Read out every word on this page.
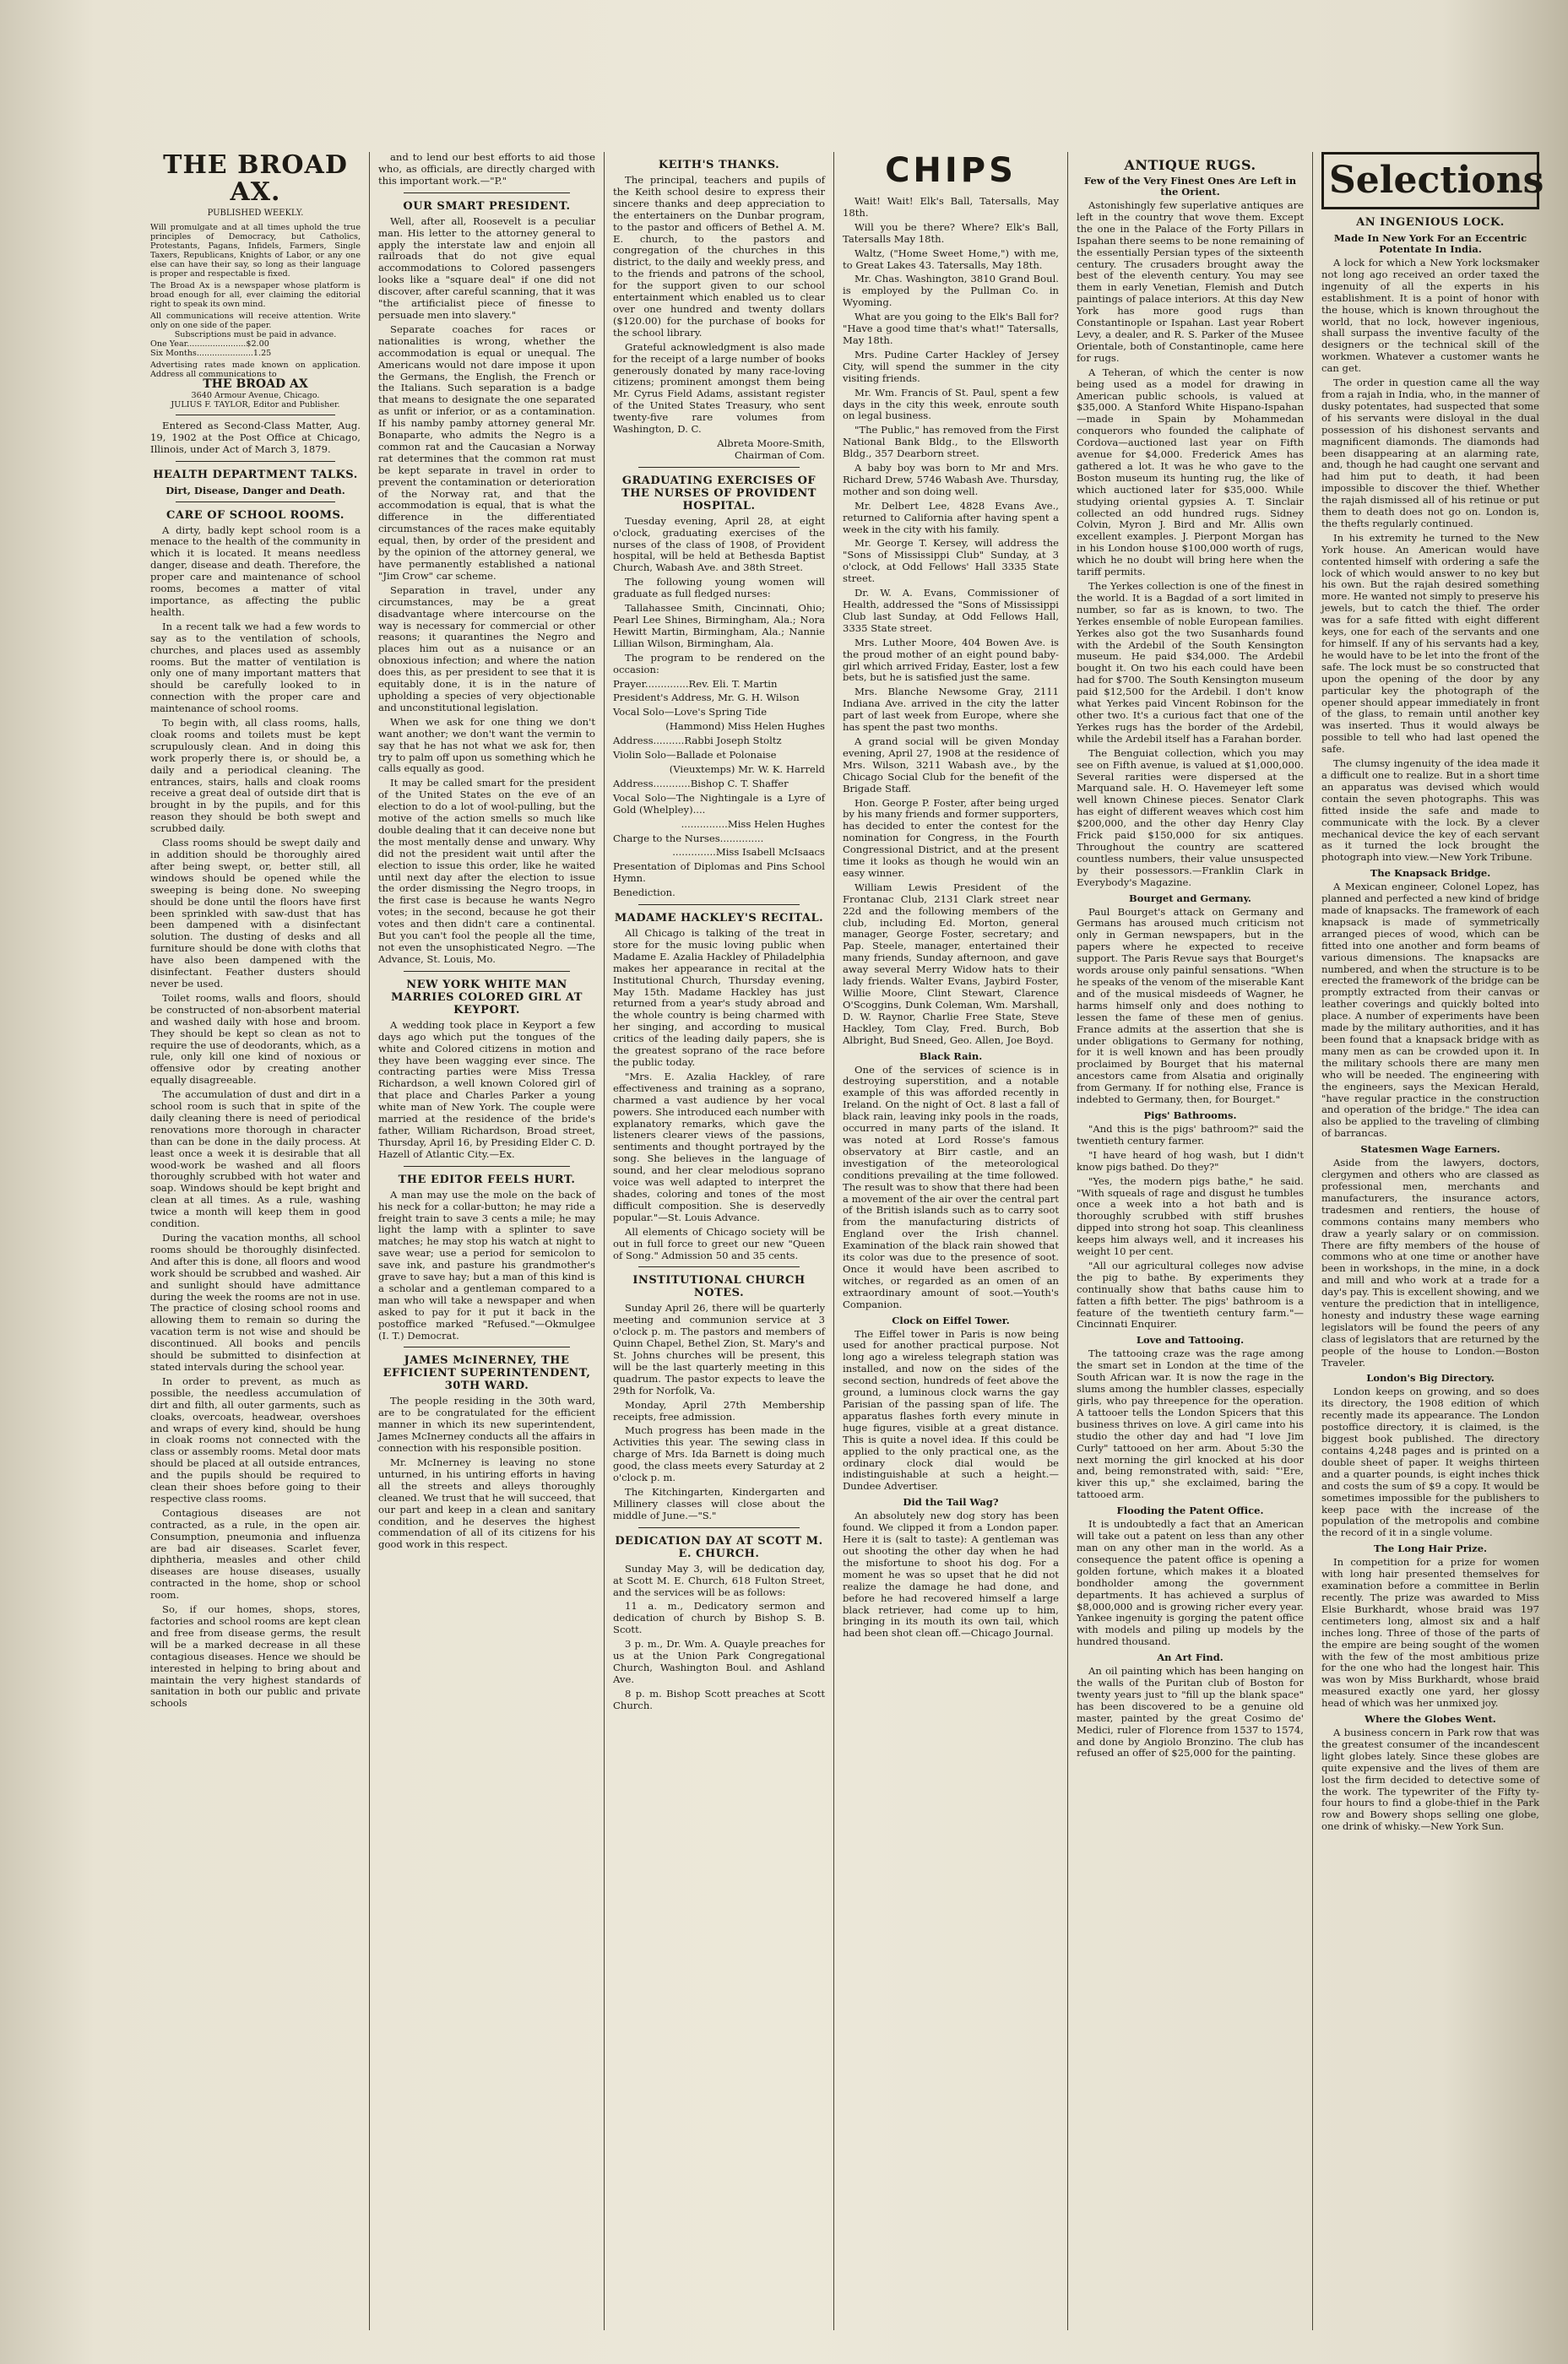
THE BROAD AX.
PUBLISHED WEEKLY.
Will promulgate and at all times uphold the true principles of Democracy, but Catholics, Protestants, Pagans, Infidels, Farmers, Single Taxers, Republicans, Knights of Labor, or any one else can have their say, so long as their language is proper and respectable is fixed.
The Broad Ax is a newspaper whose platform is broad enough for all, ever claiming the editorial right to speak its own mind.
All communications will receive attention. Write only on one side of the paper.
Subscriptions must be paid in advance.
One Year.......................$2.00
Six Months......................1.25
Advertising rates made known on application. Address all communications to
THE BROAD AX
3640 Armour Avenue, Chicago.
JULIUS F. TAYLOR, Editor and Publisher.

Entered as Second-Class Matter, Aug. 19, 1902 at the Post Office at Chicago, Illinois, under Act of March 3, 1879.

HEALTH DEPARTMENT TALKS.
Dirt, Disease, Danger and Death.
CARE OF SCHOOL ROOMS.

A dirty, badly kept school room is a menace to the health of the community in which it is located. It means needless danger, disease and death. Therefore, the proper care and maintenance of school rooms, becomes a matter of vital importance, as affecting the public health.

In a recent talk we had a few words to say as to the ventilation of schools, churches, and places used as assembly rooms. But the matter of ventilation is only one of many important matters that should be carefully looked to in connection with the proper care and maintenance of school rooms.

To begin with, all class rooms, halls, cloak rooms and toilets must be kept scrupulously clean. And in doing this work properly there is, or should be, a daily and a periodical cleaning. The entrances, stairs, halls and cloak rooms receive a great deal of outside dirt that is brought in by the pupils, and for this reason they should be both swept and scrubbed daily.

Class rooms should be swept daily and in addition should be thoroughly aired after being swept, or, better still, all windows should be opened while the sweeping is being done. No sweeping should be done until the floors have first been sprinkled with saw-dust that has been dampened with a disinfectant solution. The dusting of desks and all furniture should be done with cloths that have also been dampened with the disinfectant. Feather dusters should never be used.

Toilet rooms, walls and floors, should be constructed of non-absorbent material and washed daily with hose and broom. They should be kept so clean as not to require the use of deodorants, which, as a rule, only kill one kind of noxious or offensive odor by creating another equally disagreeable.

The accumulation of dust and dirt in a school room is such that in spite of the daily cleaning there is need of periodical renovations more thorough in character than can be done in the daily process. At least once a week it is desirable that all wood-work be washed and all floors thoroughly scrubbed with hot water and soap. Windows should be kept bright and clean at all times. As a rule, washing twice a month will keep them in good condition.

During the vacation months, all school rooms should be thoroughly disinfected. And after this is done, all floors and wood work should be scrubbed and washed. Air and sunlight should have admittance during the week the rooms are not in use. The practice of closing school rooms and allowing them to remain so during the vacation term is not wise and should be discontinued. All books and pencils should be submitted to disinfection at stated intervals during the school year.

In order to prevent, as much as possible, the needless accumulation of dirt and filth, all outer garments, such as cloaks, overcoats, headwear, overshoes and wraps of every kind, should be hung in cloak rooms not connected with the class or assembly rooms. Metal door mats should be placed at all outside entrances, and the pupils should be required to clean their shoes before going to their respective class rooms.

Contagious diseases are not contracted, as a rule, in the open air. Consumption, pneumonia and influenza are bad air diseases. Scarlet fever, diphtheria, measles and other child diseases are house diseases, usually contracted in the home, shop or school room.

So, if our homes, shops, stores, factories and school rooms are kept clean and free from disease germs, the result will be a marked decrease in all these contagious diseases. Hence we should be interested in helping to bring about and maintain the very highest standards of sanitation in both our public and private schools

and to lend our best efforts to aid those who, as officials, are directly charged with this important work.—"P."

OUR SMART PRESIDENT.

Well, after all, Roosevelt is a peculiar man. His letter to the attorney general to apply the interstate law and enjoin all railroads that do not give equal accommodations to Colored passengers looks like a "square deal" if one did not discover, after careful scanning, that it was "the artificialist piece of finesse to persuade men into slavery."

Separate coaches for races or nationalities is wrong, whether the accommodation is equal or unequal. The Americans would not dare impose it upon the Germans, the English, the French or the Italians. Such separation is a badge that means to designate the one separated as unfit or inferior, or as a contamination. If his namby pamby attorney general Mr. Bonaparte, who admits the Negro is a common rat and the Caucasian a Norway rat determines that the common rat must be kept separate in travel in order to prevent the contamination or deterioration of the Norway rat, and that the accommodation is equal, that is what the difference in the differentiated circumstances of the races make equitably equal, then, by order of the president and by the opinion of the attorney general, we have permanently established a national "Jim Crow" car scheme.

Separation in travel, under any circumstances, may be a great disadvantage where intercourse on the way is necessary for commercial or other reasons; it quarantines the Negro and places him out as a nuisance or an obnoxious infection; and where the nation does this, as per president to see that it is equitably done, it is in the nature of upholding a species of very objectionable and unconstitutional legislation.

When we ask for one thing we don't want another; we don't want the vermin to say that he has not what we ask for, then try to palm off upon us something which he calls equally as good.

It may be called smart for the president of the United States on the eve of an election to do a lot of wool-pulling, but the motive of the action smells so much like double dealing that it can deceive none but the most mentally dense and unwary. Why did not the president wait until after the election to issue this order, like he waited until next day after the election to issue the order dismissing the Negro troops, in the first case is because he wants Negro votes; in the second, because he got their votes and then didn't care a continental. But you can't fool the people all the time, not even the unsophisticated Negro. —The Advance, St. Louis, Mo.

NEW YORK WHITE MAN MARRIES COLORED GIRL AT KEYPORT.

A wedding took place in Keyport a few days ago which put the tongues of the white and Colored citizens in motion and they have been wagging ever since. The contracting parties were Miss Tressa Richardson, a well known Colored girl of that place and Charles Parker a young white man of New York. The couple were married at the residence of the bride's father, William Richardson, Broad street, Thursday, April 16, by Presiding Elder C. D. Hazell of Atlantic City.—Ex.

THE EDITOR FEELS HURT.

A man may use the mole on the back of his neck for a collar-button; he may ride a freight train to save 3 cents a mile; he may light the lamp with a splinter to save matches; he may stop his watch at night to save wear; use a period for semicolon to save ink, and pasture his grandmother's grave to save hay; but a man of this kind is a scholar and a gentleman compared to a man who will take a newspaper and when asked to pay for it put it back in the postoffice marked "Refused."—Okmulgee (I. T.) Democrat.

JAMES McINERNEY, THE EFFICIENT SUPERINTENDENT, 30TH WARD.

The people residing in the 30th ward, are to be congratulated for the efficient manner in which its new superintendent, James McInerney conducts all the affairs in connection with his responsible position.

Mr. McInerney is leaving no stone unturned, in his untiring efforts in having all the streets and alleys thoroughly cleaned. We trust that he will succeed, that our part and keep in a clean and sanitary condition, and he deserves the highest commendation of all of its citizens for his good work in this respect.

KEITH'S THANKS.

The principal, teachers and pupils of the Keith school desire to express their sincere thanks and deep appreciation to the entertainers on the Dunbar program, to the pastor and officers of Bethel A. M. E. church, to the pastors and congregation of the churches in this district, to the daily and weekly press, and to the friends and patrons of the school, for the support given to our school entertainment which enabled us to clear over one hundred and twenty dollars ($120.00) for the purchase of books for the school library.

Grateful acknowledgment is also made for the receipt of a large number of books generously donated by many race-loving citizens; prominent amongst them being Mr. Cyrus Field Adams, assistant register of the United States Treasury, who sent twenty-five rare volumes from Washington, D. C.

Albreta Moore-Smith,
Chairman of Com.
GRADUATING EXERCISES OF THE NURSES OF PROVIDENT HOSPITAL.

Tuesday evening, April 28, at eight o'clock, graduating exercises of the nurses of the class of 1908, of Provident hospital, will be held at Bethesda Baptist Church, Wabash Ave. and 38th Street.

The following young women will graduate as full fledged nurses:

Tallahassee Smith, Cincinnati, Ohio; Pearl Lee Shines, Birmingham, Ala.; Nora Hewitt Martin, Birmingham, Ala.; Nannie Lillian Wilson, Birmingham, Ala.

The program to be rendered on the occasion:

Prayer..............Rev. Eli. T. Martin

President's Address, Mr. G. H. Wilson

Vocal Solo—Love's Spring Tide

(Hammond) Miss Helen Hughes

Address..........Rabbi Joseph Stoltz

Violin Solo—Ballade et Polonaise

(Vieuxtemps) Mr. W. K. Harreld

Address............Bishop C. T. Shaffer

Vocal Solo—The Nightingale is a Lyre of Gold (Whelpley)....

...............Miss Helen Hughes

Charge to the Nurses..............

..............Miss Isabell McIsaacs

Presentation of Diplomas and Pins School Hymn.

Benediction.

MADAME HACKLEY'S RECITAL.

All Chicago is talking of the treat in store for the music loving public when Madame E. Azalia Hackley of Philadelphia makes her appearance in recital at the Institutional Church, Thursday evening, May 15th. Madame Hackley has just returned from a year's study abroad and the whole country is being charmed with her singing, and according to musical critics of the leading daily papers, she is the greatest soprano of the race before the public today.

"Mrs. E. Azalia Hackley, of rare effectiveness and training as a soprano, charmed a vast audience by her vocal powers. She introduced each number with explanatory remarks, which gave the listeners clearer views of the passions, sentiments and thought portrayed by the song. She believes in the language of sound, and her clear melodious soprano voice was well adapted to interpret the shades, coloring and tones of the most difficult composition. She is deservedly popular."—St. Louis Advance.

All elements of Chicago society will be out in full force to greet our new "Queen of Song." Admission 50 and 35 cents.

INSTITUTIONAL CHURCH NOTES.

Sunday April 26, there will be quarterly meeting and communion service at 3 o'clock p. m. The pastors and members of Quinn Chapel, Bethel Zion, St. Mary's and St. Johns churches will be present, this will be the last quarterly meeting in this quadrum. The pastor expects to leave the 29th for Norfolk, Va.

Monday, April 27th Membership receipts, free admission.

Much progress has been made in the Activities this year. The sewing class in charge of Mrs. Ida Barnett is doing much good, the class meets every Saturday at 2 o'clock p. m.

The Kitchingarten, Kindergarten and Millinery classes will close about the middle of June.—"S."

DEDICATION DAY AT SCOTT M. E. CHURCH.

Sunday May 3, will be dedication day, at Scott M. E. Church, 618 Fulton Street, and the services will be as follows:

11 a. m., Dedicatory sermon and dedication of church by Bishop S. B. Scott.

3 p. m., Dr. Wm. A. Quayle preaches for us at the Union Park Congregational Church, Washington Boul. and Ashland Ave.

8 p. m. Bishop Scott preaches at Scott Church.

CHIPS

Wait! Wait! Elk's Ball, Tatersalls, May 18th.

Will you be there? Where? Elk's Ball, Tatersalls May 18th.

Waltz, ("Home Sweet Home,") with me, to Great Lakes 43. Tatersalls, May 18th.

Mr. Chas. Washington, 3810 Grand Boul. is employed by the Pullman Co. in Wyoming.

What are you going to the Elk's Ball for? "Have a good time that's what!" Tatersalls, May 18th.

Mrs. Pudine Carter Hackley of Jersey City, will spend the summer in the city visiting friends.

Mr. Wm. Francis of St. Paul, spent a few days in the city this week, enroute south on legal business.

"The Public," has removed from the First National Bank Bldg., to the Ellsworth Bldg., 357 Dearborn street.

A baby boy was born to Mr and Mrs. Richard Drew, 5746 Wabash Ave. Thursday, mother and son doing well.

Mr. Delbert Lee, 4828 Evans Ave., returned to California after having spent a week in the city with his family.

Mr. George T. Kersey, will address the "Sons of Mississippi Club" Sunday, at 3 o'clock, at Odd Fellows' Hall 3335 State street.

Dr. W. A. Evans, Commissioner of Health, addressed the "Sons of Mississippi Club last Sunday, at Odd Fellows Hall, 3335 State street.

Mrs. Luther Moore, 404 Bowen Ave. is the proud mother of an eight pound baby-girl which arrived Friday, Easter, lost a few bets, but he is satisfied just the same.

Mrs. Blanche Newsome Gray, 2111 Indiana Ave. arrived in the city the latter part of last week from Europe, where she has spent the past two months.

A grand social will be given Monday evening, April 27, 1908 at the residence of Mrs. Wilson, 3211 Wabash ave., by the Chicago Social Club for the benefit of the Brigade Staff.

Hon. George P. Foster, after being urged by his many friends and former supporters, has decided to enter the contest for the nomination for Congress, in the Fourth Congressional District, and at the present time it looks as though he would win an easy winner.

William Lewis President of the Frontanac Club, 2131 Clark street near 22d and the following members of the club, including Ed. Morton, general manager, George Foster, secretary; and Pap. Steele, manager, entertained their many friends, Sunday afternoon, and gave away several Merry Widow hats to their lady friends. Walter Evans, Jaybird Foster, Willie Moore, Clint Stewart, Clarence O'Scoggins, Dunk Coleman, Wm. Marshall, D. W. Raynor, Charlie Free State, Steve Hackley, Tom Clay, Fred. Burch, Bob Albright, Bud Sneed, Geo. Allen, Joe Boyd.

Black Rain.

One of the services of science is in destroying superstition, and a notable example of this was afforded recently in Ireland. On the night of Oct. 8 last a fall of black rain, leaving inky pools in the roads, occurred in many parts of the island. It was noted at Lord Rosse's famous observatory at Birr castle, and an investigation of the meteorological conditions prevailing at the time followed. The result was to show that there had been a movement of the air over the central part of the British islands such as to carry soot from the manufacturing districts of England over the Irish channel. Examination of the black rain showed that its color was due to the presence of soot. Once it would have been ascribed to witches, or regarded as an omen of an extraordinary amount of soot.—Youth's Companion.

Clock on Eiffel Tower.

The Eiffel tower in Paris is now being used for another practical purpose. Not long ago a wireless telegraph station was installed, and now on the sides of the second section, hundreds of feet above the ground, a luminous clock warns the gay Parisian of the passing span of life. The apparatus flashes forth every minute in huge figures, visible at a great distance. This is quite a novel idea. If this could be applied to the only practical one, as the ordinary clock dial would be indistinguishable at such a height.—Dundee Advertiser.

Did the Tail Wag?

An absolutely new dog story has been found. We clipped it from a London paper. Here it is (salt to taste): A gentleman was out shooting the other day when he had the misfortune to shoot his dog. For a moment he was so upset that he did not realize the damage he had done, and before he had recovered himself a large black retriever, had come up to him, bringing in its mouth its own tail, which had been shot clean off.—Chicago Journal.

ANTIQUE RUGS.
Few of the Very Finest Ones Are Left in the Orient.

Astonishingly few superlative antiques are left in the country that wove them. Except the one in the Palace of the Forty Pillars in Ispahan there seems to be none remaining of the essentially Persian types of the sixteenth century. The crusaders brought away the best of the eleventh century. You may see them in early Venetian, Flemish and Dutch paintings of palace interiors. At this day New York has more good rugs than Constantinople or Ispahan. Last year Robert Levy, a dealer, and R. S. Parker of the Musee Orientale, both of Constantinople, came here for rugs.

A Teheran, of which the center is now being used as a model for drawing in American public schools, is valued at $35,000. A Stanford White Hispano-Ispahan—made in Spain by Mohammedan conquerors who founded the caliphate of Cordova—auctioned last year on Fifth avenue for $4,000. Frederick Ames has gathered a lot. It was he who gave to the Boston museum its hunting rug, the like of which auctioned later for $35,000. While studying oriental gypsies A. T. Sinclair collected an odd hundred rugs. Sidney Colvin, Myron J. Bird and Mr. Allis own excellent examples. J. Pierpont Morgan has in his London house $100,000 worth of rugs, which he no doubt will bring here when the tariff permits.

The Yerkes collection is one of the finest in the world. It is a Bagdad of a sort limited in number, so far as is known, to two. The Yerkes ensemble of noble European families. Yerkes also got the two Susanhards found with the Ardebil of the South Kensington museum. He paid $34,000. The Ardebil bought it. On two his each could have been had for $700. The South Kensington museum paid $12,500 for the Ardebil. I don't know what Yerkes paid Vincent Robinson for the other two. It's a curious fact that one of the Yerkes rugs has the border of the Ardebil, while the Ardebil itself has a Farahan border.

The Benguiat collection, which you may see on Fifth avenue, is valued at $1,000,000. Several rarities were dispersed at the Marquand sale. H. O. Havemeyer left some well known Chinese pieces. Senator Clark has eight of different weaves which cost him $200,000, and the other day Henry Clay Frick paid $150,000 for six antiques. Throughout the country are scattered countless numbers, their value unsuspected by their possessors.—Franklin Clark in Everybody's Magazine.

Bourget and Germany.

Paul Bourget's attack on Germany and Germans has aroused much criticism not only in German newspapers, but in the papers where he expected to receive support. The Paris Revue says that Bourget's words arouse only painful sensations. "When he speaks of the venom of the miserable Kant and of the musical misdeeds of Wagner, he harms himself only and does nothing to lessen the fame of these men of genius. France admits at the assertion that she is under obligations to Germany for nothing, for it is well known and has been proudly proclaimed by Bourget that his maternal ancestors came from Alsatia and originally from Germany. If for nothing else, France is indebted to Germany, then, for Bourget."

Pigs' Bathrooms.

"And this is the pigs' bathroom?" said the twentieth century farmer.

"I have heard of hog wash, but I didn't know pigs bathed. Do they?"

"Yes, the modern pigs bathe," he said. "With squeals of rage and disgust he tumbles once a week into a hot bath and is thoroughly scrubbed with stiff brushes dipped into strong hot soap. This cleanliness keeps him always well, and it increases his weight 10 per cent.

"All our agricultural colleges now advise the pig to bathe. By experiments they continually show that baths cause him to fatten a fifth better. The pigs' bathroom is a feature of the twentieth century farm."—Cincinnati Enquirer.

Love and Tattooing.

The tattooing craze was the rage among the smart set in London at the time of the South African war. It is now the rage in the slums among the humbler classes, especially girls, who pay threepence for the operation. A tattooer tells the London Spicers that this business thrives on love. A girl came into his studio the other day and had "I love Jim Curly" tattooed on her arm. About 5:30 the next morning the girl knocked at his door and, being remonstrated with, said: "'Ere, kiver this up," she exclaimed, baring the tattooed arm.

Flooding the Patent Office.

It is undoubtedly a fact that an American will take out a patent on less than any other man on any other man in the world. As a consequence the patent office is opening a golden fortune, which makes it a bloated bondholder among the government departments. It has achieved a surplus of $8,000,000 and is growing richer every year. Yankee ingenuity is gorging the patent office with models and piling up models by the hundred thousand.

An Art Find.

An oil painting which has been hanging on the walls of the Puritan club of Boston for twenty years just to "fill up the blank space" has been discovered to be a genuine old master, painted by the great Cosimo de' Medici, ruler of Florence from 1537 to 1574, and done by Angiolo Bronzino. The club has refused an offer of $25,000 for the painting.

Selections
AN INGENIOUS LOCK.
Made In New York For an Eccentric Potentate In India.

A lock for which a New York locksmaker not long ago received an order taxed the ingenuity of all the experts in his establishment. It is a point of honor with the house, which is known throughout the world, that no lock, however ingenious, shall surpass the inventive faculty of the designers or the technical skill of the workmen. Whatever a customer wants he can get.

The order in question came all the way from a rajah in India, who, in the manner of dusky potentates, had suspected that some of his servants were disloyal in the dual possession of his dishonest servants and magnificent diamonds. The diamonds had been disappearing at an alarming rate, and, though he had caught one servant and had him put to death, it had been impossible to discover the thief. Whether the rajah dismissed all of his retinue or put them to death does not go on. London is, the thefts regularly continued.

In his extremity he turned to the New York house. An American would have contented himself with ordering a safe the lock of which would answer to no key but his own. But the rajah desired something more. He wanted not simply to preserve his jewels, but to catch the thief. The order was for a safe fitted with eight different keys, one for each of the servants and one for himself. If any of his servants had a key, he would have to be let into the front of the safe. The lock must be so constructed that upon the opening of the door by any particular key the photograph of the opener should appear immediately in front of the glass, to remain until another key was inserted. Thus it would always be possible to tell who had last opened the safe.

The clumsy ingenuity of the idea made it a difficult one to realize. But in a short time an apparatus was devised which would contain the seven photographs. This was fitted inside the safe and made to communicate with the lock. By a clever mechanical device the key of each servant as it turned the lock brought the photograph into view.—New York Tribune.

The Knapsack Bridge.

A Mexican engineer, Colonel Lopez, has planned and perfected a new kind of bridge made of knapsacks. The framework of each knapsack is made of symmetrically arranged pieces of wood, which can be fitted into one another and form beams of various dimensions. The knapsacks are numbered, and when the structure is to be erected the framework of the bridge can be promptly extracted from their canvas or leather coverings and quickly bolted into place. A number of experiments have been made by the military authorities, and it has been found that a knapsack bridge with as many men as can be crowded upon it. In the military schools there are many men who will be needed. The engineering with the engineers, says the Mexican Herald, "have regular practice in the construction and operation of the bridge." The idea can also be applied to the traveling of climbing of barrancas.

Statesmen Wage Earners.

Aside from the lawyers, doctors, clergymen and others who are classed as professional men, merchants and manufacturers, the insurance actors, tradesmen and rentiers, the house of commons contains many members who draw a yearly salary or on commission. There are fifty members of the house of commons who at one time or another have been in workshops, in the mine, in a dock and mill and who work at a trade for a day's pay. This is excellent showing, and we venture the prediction that in intelligence, honesty and industry these wage earning legislators will be found the peers of any class of legislators that are returned by the people of the house to London.—Boston Traveler.

London's Big Directory.

London keeps on growing, and so does its directory, the 1908 edition of which recently made its appearance. The London postoffice directory, it is claimed, is the biggest book published. The directory contains 4,248 pages and is printed on a double sheet of paper. It weighs thirteen and a quarter pounds, is eight inches thick and costs the sum of $9 a copy. It would be sometimes impossible for the publishers to keep pace with the increase of the population of the metropolis and combine the record of it in a single volume.

The Long Hair Prize.

In competition for a prize for women with long hair presented themselves for examination before a committee in Berlin recently. The prize was awarded to Miss Elsie Burkhardt, whose braid was 197 centimeters long, almost six and a half inches long. Three of those of the parts of the empire are being sought of the women with the few of the most ambitious prize for the one who had the longest hair. This was won by Miss Burkhardt, whose braid measured exactly one yard, her glossy head of which was her unmixed joy.

Where the Globes Went.

A business concern in Park row that was the greatest consumer of the incandescent light globes lately. Since these globes are quite expensive and the lives of them are lost the firm decided to detective some of the work. The typewriter of the Fifty ty-four hours to find a globe-thief in the Park row and Bowery shops selling one globe, one drink of whisky.—New York Sun.
